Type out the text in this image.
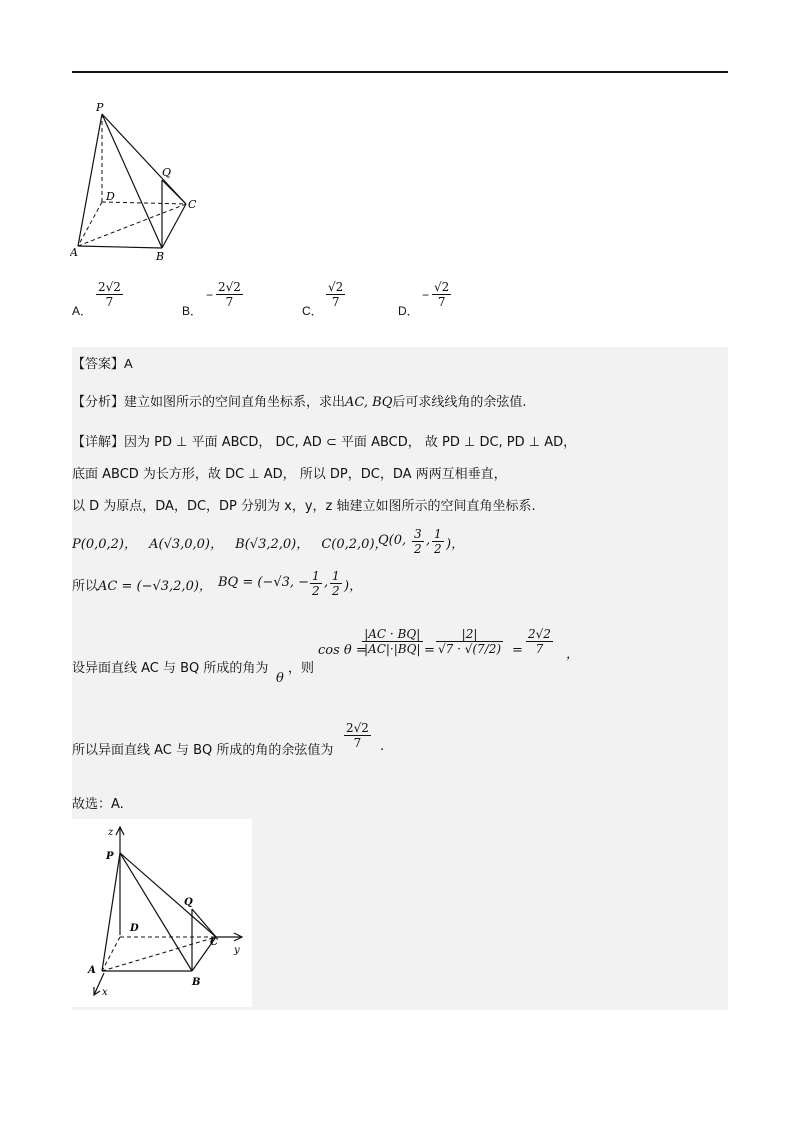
P
Q
D
C
A	B
A．
$\frac{2√2}{7}$
B．
− $\frac{2√2}{7}$
C．
$\frac{√2}{7}$
D．
− $\frac{√2}{7}$
【答案】A
【分析】建立如图所示的空间直角坐标系，求出AC, BQ后可求线线角的余弦值.
【详解】因为 PD ⊥ 平面 ABCD， DC, AD ⊂ 平面 ABCD， 故 PD ⊥ DC, PD ⊥ AD，
底面 ABCD 为长方形，故 DC ⊥ AD， 所以 DP，DC，DA 两两互相垂直，
以 D 为原点，DA，DC，DP 分别为 x，y，z 轴建立如图所示的空间直角坐标系.
P(0,0,2)， A(√3,0,0)， B(√3,2,0)， C(0,2,0)，
Q(0, $\frac{3}{2}$ , $\frac{1}{2}$ )，
所以AC = (−√3,2,0)， BQ = (−√3, − $\frac{1}{2}$ , $\frac{1}{2}$ )，
设异面直线 AC 与 BQ 所成的角为
θ
，则
cos θ =
$\frac{|AC \cdot BQ|}{|AC|\cdot|BQ|} = \frac{|2|}{√7 \cdot √(7/2)} = \frac{2√2}{7}$ ，
所以异面直线 AC 与 BQ 所成的角的余弦值为
$\frac{2√2}{7}$ .
故选：A.
z
P
Q
D
C
y
A
B
x
